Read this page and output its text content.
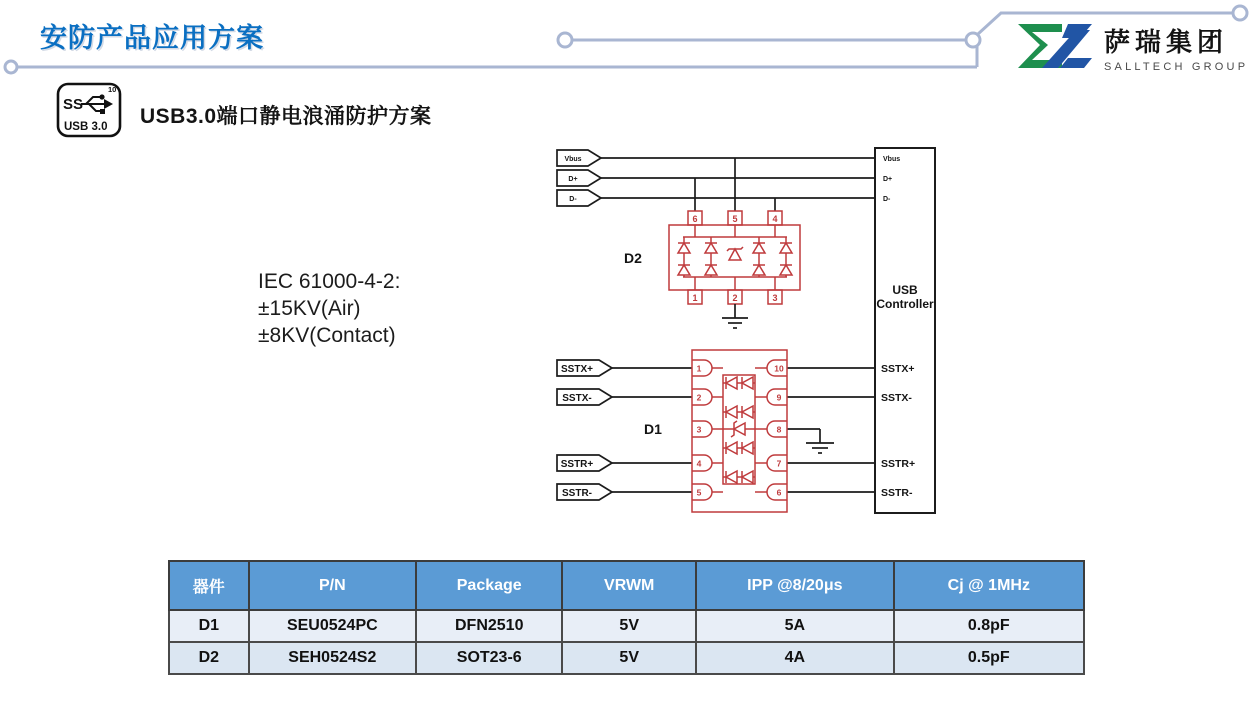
安防产品应用方案	萨瑞集团
SALLTECH GROUP
SS
10
USB 3.0 USB3.0端口静电浪涌防护方案
IEC 61000-4-2:
±15KV(Air)
±8KV(Contact)
Vbus
D+
D-
6	5	4
1	2	3
D2
SSTX+
SSTX-
SSTR+
SSTR-
1
2
3
4
5
10
9
8
7
6
D1
Vbus
D+
D-
USB
Controller
SSTX+
SSTX-
SSTR+
SSTR-
器件	P/N	Package	VRWM	IPP @8/20μs	Cj @ 1MHz
D1	SEU0524PC	DFN2510	5V	5A	0.8pF
D2	SEH0524S2	SOT23-6	5V	4A	0.5pF
